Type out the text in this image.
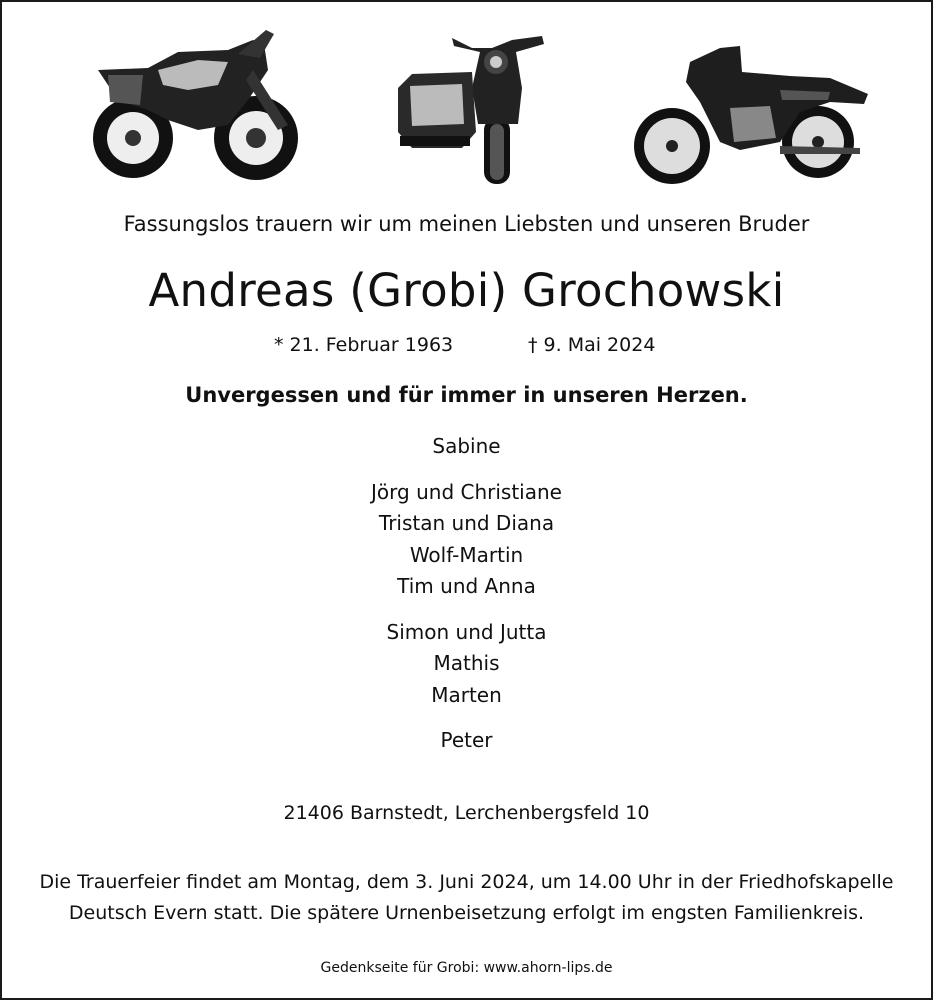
Fassungslos trauern wir um meinen Liebsten und unseren Bruder
Andreas (Grobi) Grochowski
* 21. Februar 1963	† 9. Mai 2024
Unvergessen und für immer in unseren Herzen.
Sabine
Jörg und Christiane
Tristan und Diana
Wolf-Martin
Tim und Anna
Simon und Jutta
Mathis
Marten
Peter
21406 Barnstedt, Lerchenbergsfeld 10
Die Trauerfeier findet am Montag, dem 3. Juni 2024, um 14.00 Uhr in der Friedhofskapelle
Deutsch Evern statt. Die spätere Urnenbeisetzung erfolgt im engsten Familienkreis.
Gedenkseite für Grobi: www.ahorn-lips.de
